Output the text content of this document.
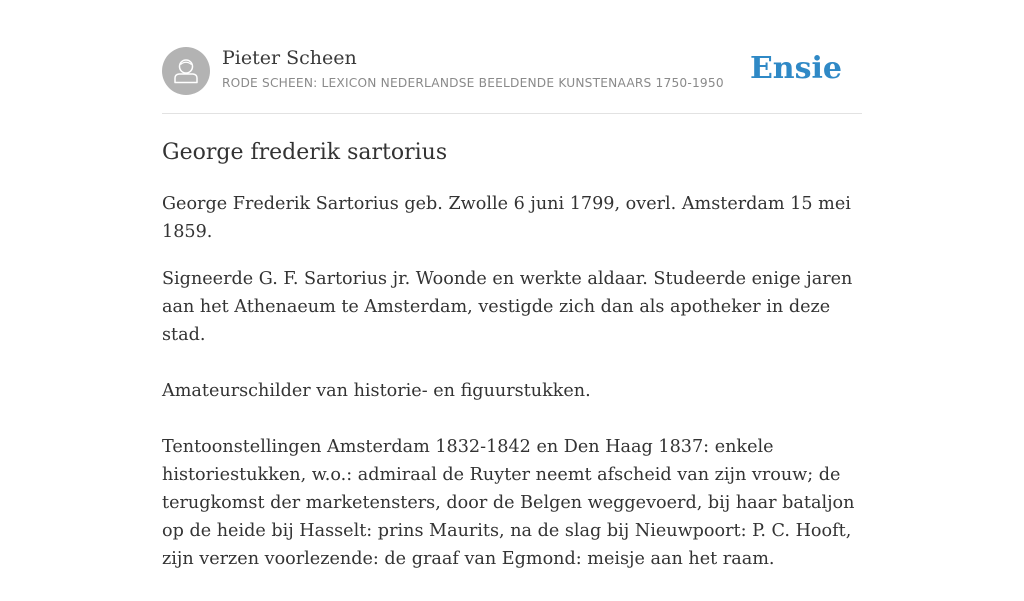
Pieter Scheen
RODE SCHEEN: LEXICON NEDERLANDSE BEELDENDE KUNSTENAARS 1750-1950 Ensie
George frederik sartorius

George Frederik Sartorius geb. Zwolle 6 juni 1799, overl. Amsterdam 15 mei 1859.

Signeerde G. F. Sartorius jr. Woonde en werkte aldaar. Studeerde enige jaren aan het Athenaeum te Amsterdam, vestigde zich dan als apotheker in deze stad.

Amateurschilder van historie- en figuurstukken.

Tentoonstellingen Amsterdam 1832-1842 en Den Haag 1837: enkele historiestukken, w.o.: admiraal de Ruyter neemt afscheid van zijn vrouw; de terugkomst der marketensters, door de Belgen weggevoerd, bij haar bataljon op de heide bij Hasselt: prins Maurits, na de slag bij Nieuwpoort: P. C. Hooft, zijn verzen voorlezende: de graaf van Egmond: meisje aan het raam.
